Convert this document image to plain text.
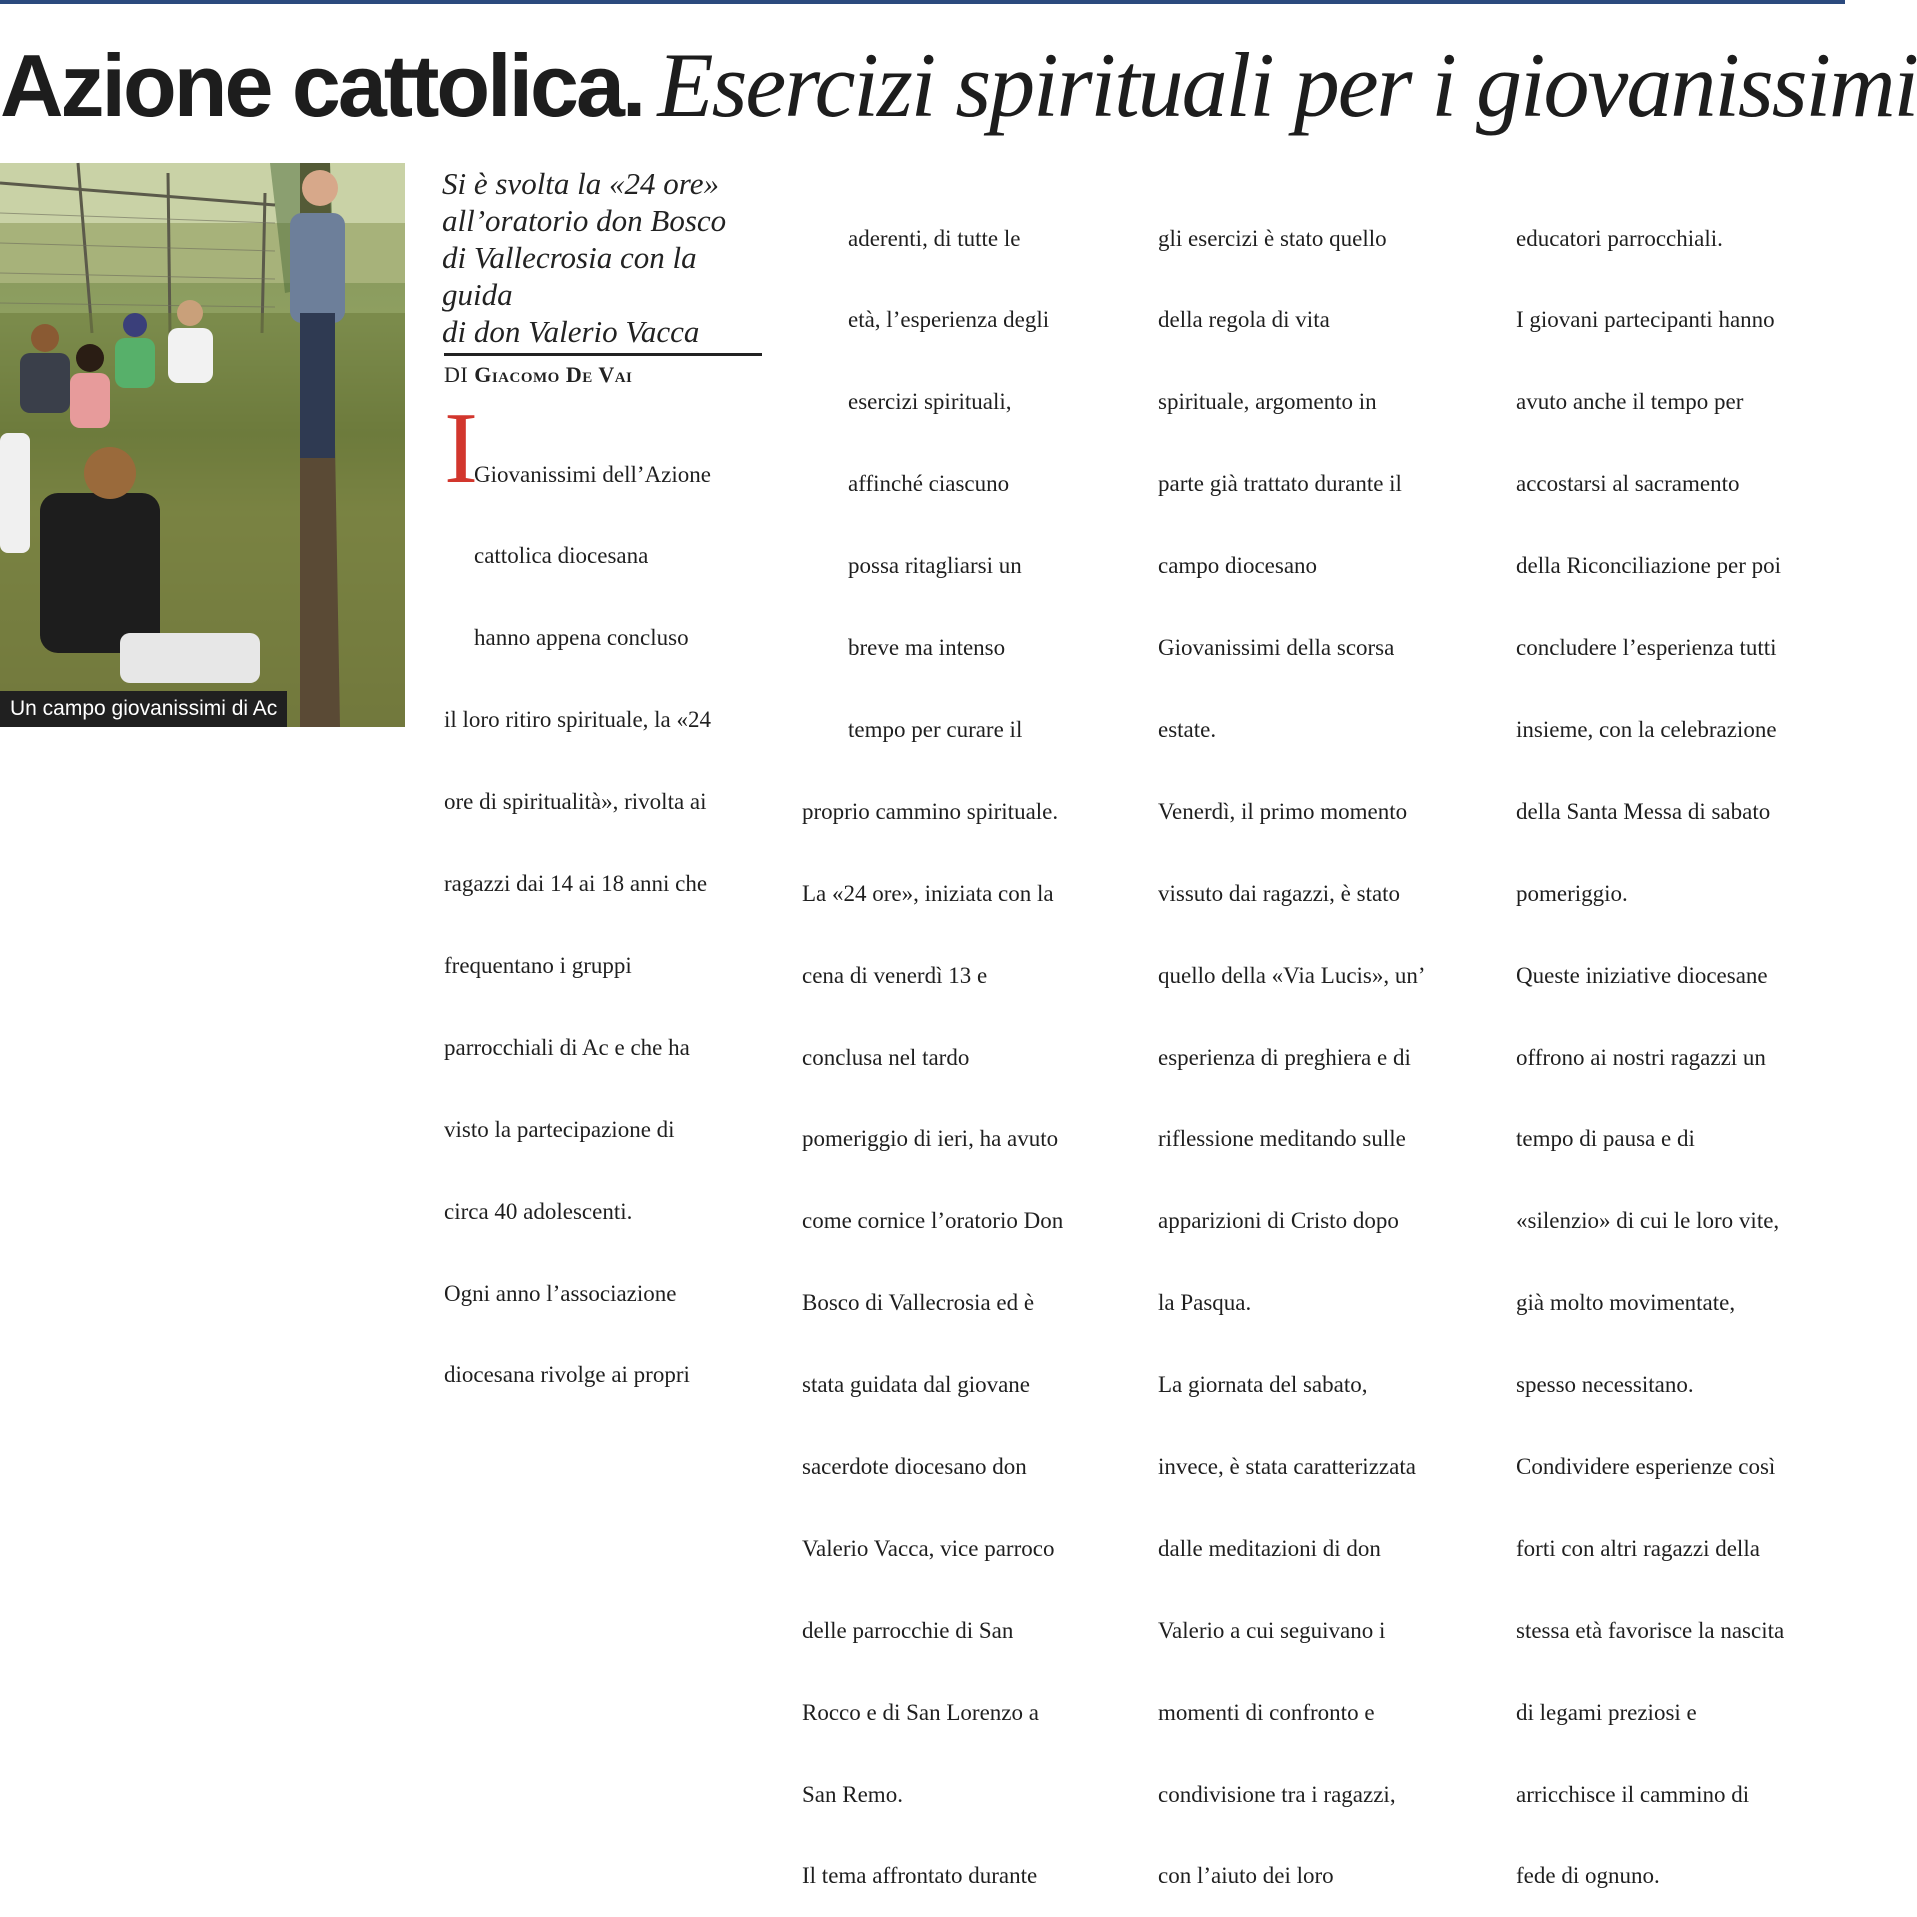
Azione cattolica. Esercizi spirituali per i giovanissimi
Un campo giovanissimi di Ac
Si è svolta la «24 ore»
all’oratorio don Bosco
di Vallecrosia con la guida
di don Valerio Vacca
DI Giacomo De Vai
I

Giovanissimi dell’Azione

cattolica diocesana

hanno appena concluso

il loro ritiro spirituale, la «24

ore di spiritualità», rivolta ai

ragazzi dai 14 ai 18 anni che

frequentano i gruppi

parrocchiali di Ac e che ha

visto la partecipazione di

circa 40 adolescenti.

Ogni anno l’associazione

diocesana rivolge ai propri

aderenti, di tutte le

età, l’esperienza degli

esercizi spirituali,

affinché ciascuno

possa ritagliarsi un

breve ma intenso

tempo per curare il

proprio cammino spirituale.

La «24 ore», iniziata con la

cena di venerdì 13 e

conclusa nel tardo

pomeriggio di ieri, ha avuto

come cornice l’oratorio Don

Bosco di Vallecrosia ed è

stata guidata dal giovane

sacerdote diocesano don

Valerio Vacca, vice parroco

delle parrocchie di San

Rocco e di San Lorenzo a

San Remo.

Il tema affrontato durante

gli esercizi è stato quello

della regola di vita

spirituale, argomento in

parte già trattato durante il

campo diocesano

Giovanissimi della scorsa

estate.

Venerdì, il primo momento

vissuto dai ragazzi, è stato

quello della «Via Lucis», un’

esperienza di preghiera e di

riflessione meditando sulle

apparizioni di Cristo dopo

la Pasqua.

La giornata del sabato,

invece, è stata caratterizzata

dalle meditazioni di don

Valerio a cui seguivano i

momenti di confronto e

condivisione tra i ragazzi,

con l’aiuto dei loro

educatori parrocchiali.

I giovani partecipanti hanno

avuto anche il tempo per

accostarsi al sacramento

della Riconciliazione per poi

concludere l’esperienza tutti

insieme, con la celebrazione

della Santa Messa di sabato

pomeriggio.

Queste iniziative diocesane

offrono ai nostri ragazzi un

tempo di pausa e di

«silenzio» di cui le loro vite,

già molto movimentate,

spesso necessitano.

Condividere esperienze così

forti con altri ragazzi della

stessa età favorisce la nascita

di legami preziosi e

arricchisce il cammino di

fede di ognuno.
